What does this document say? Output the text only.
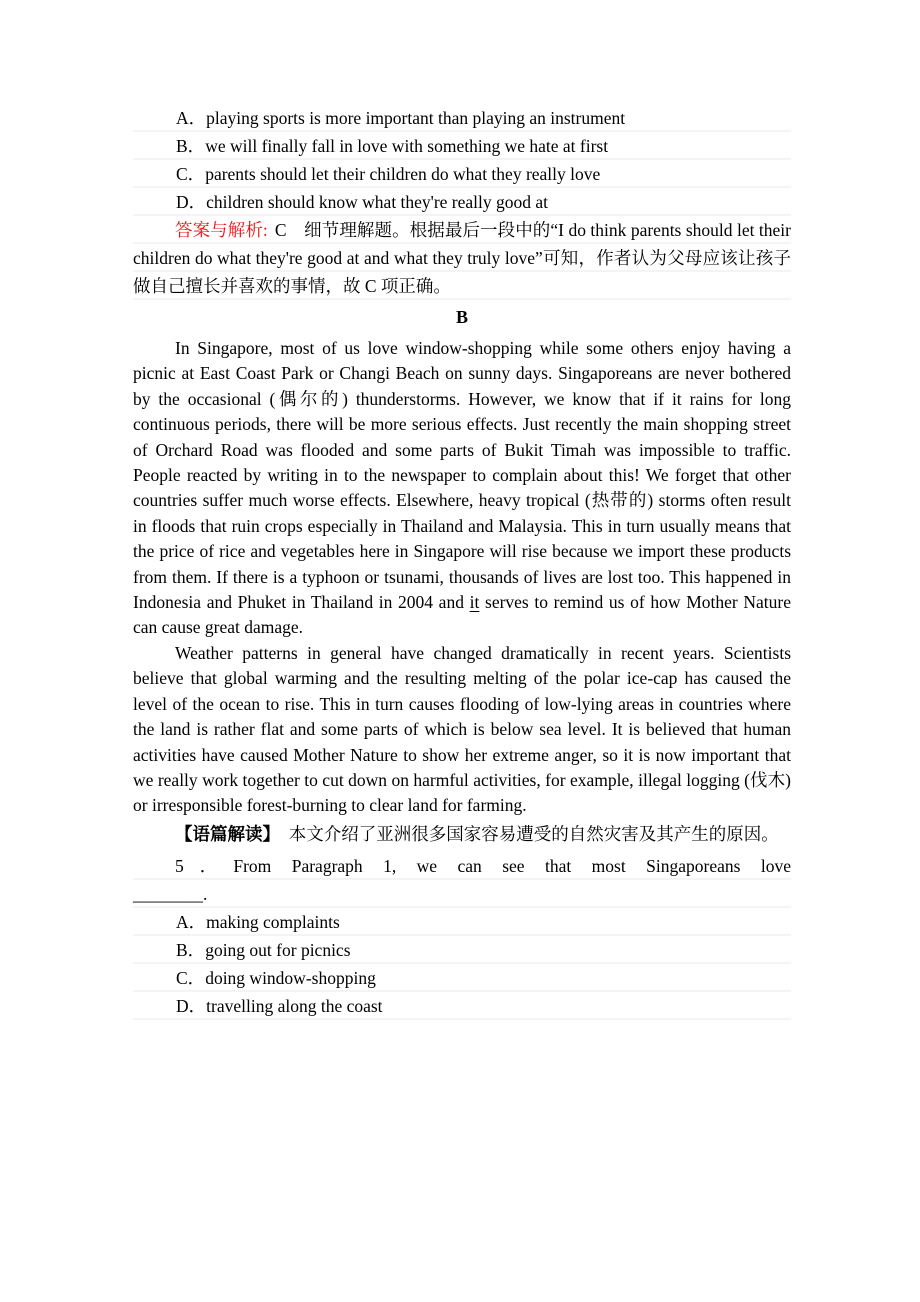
A．playing sports is more important than playing an instrument
B．we will finally fall in love with something we hate at first
C．parents should let their children do what they really love
D．children should know what they're really good at

答案与解析: C　细节理解题。根据最后一段中的“I do think parents should let their children do what they're good at and what they truly love”可知，作者认为父母应该让孩子做自己擅长并喜欢的事情，故 C 项正确。

B

In Singapore, most of us love window-shopping while some others enjoy having a picnic at East Coast Park or Changi Beach on sunny days. Singaporeans are never bothered by the occasional (偶尔的) thunderstorms. However, we know that if it rains for long continuous periods, there will be more serious effects. Just recently the main shopping street of Orchard Road was flooded and some parts of Bukit Timah was impossible to traffic. People reacted by writing in to the newspaper to complain about this! We forget that other countries suffer much worse effects. Elsewhere, heavy tropical (热带的) storms often result in floods that ruin crops especially in Thailand and Malaysia. This in turn usually means that the price of rice and vegetables here in Singapore will rise because we import these products from them. If there is a typhoon or tsunami, thousands of lives are lost too. This happened in Indonesia and Phuket in Thailand in 2004 and it serves to remind us of how Mother Nature can cause great damage.

Weather patterns in general have changed dramatically in recent years. Scientists believe that global warming and the resulting melting of the polar ice-cap has caused the level of the ocean to rise. This in turn causes flooding of low-lying areas in countries where the land is rather flat and some parts of which is below sea level. It is believed that human activities have caused Mother Nature to show her extreme anger, so it is now important that we really work together to cut down on harmful activities, for example, illegal logging (伐木) or irresponsible forest-burning to clear land for farming.

【语篇解读】　本文介绍了亚洲很多国家容易遭受的自然灾害及其产生的原因。

5．From Paragraph 1, we can see that most Singaporeans love
________.
A．making complaints
B．going out for picnics
C．doing window-shopping
D．travelling along the coast
